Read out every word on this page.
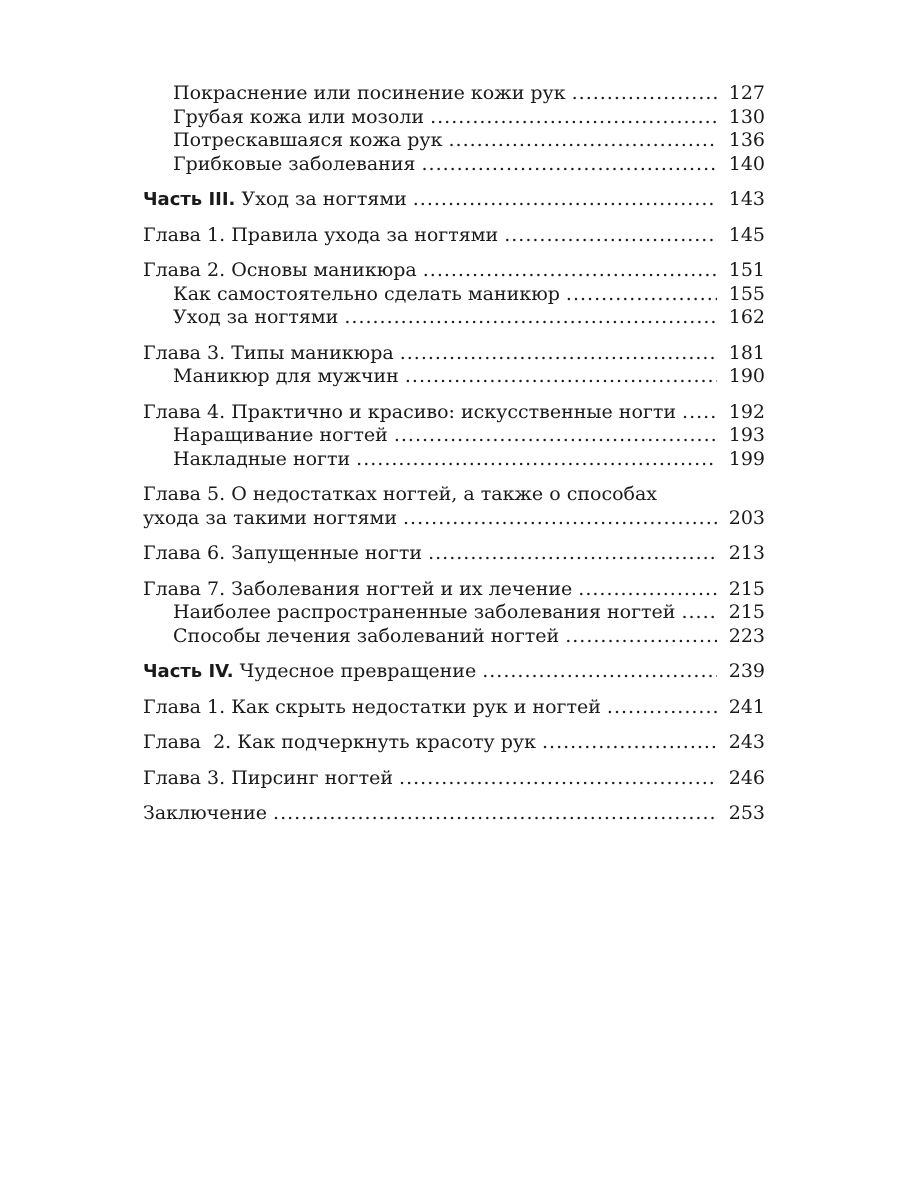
Покраснение или посинение кожи рук .....	127
Грубая кожа или мозоли .....	130
Потрескавшаяся кожа рук .....	136
Грибковые заболевания .....	140
Часть III. Уход за ногтями .....	143
Глава 1. Правила ухода за ногтями .....	145
Глава 2. Основы маникюра .....	151
Как самостоятельно сделать маникюр .....	155
Уход за ногтями .....	162
Глава 3. Типы маникюра .....	181
Маникюр для мужчин .....	190
Глава 4. Практично и красиво: искусственные ногти .....	192
Наращивание ногтей .....	193
Накладные ногти .....	199
Глава 5. О недостатках ногтей, а также о способах
ухода за такими ногтями .....	203
Глава 6. Запущенные ногти .....	213
Глава 7. Заболевания ногтей и их лечение .....	215
Наиболее распространенные заболевания ногтей .....	215
Способы лечения заболеваний ногтей .....	223
Часть IV. Чудесное превращение .....	239
Глава 1. Как скрыть недостатки рук и ногтей .....	241
Глава  2. Как подчеркнуть красоту рук .....	243
Глава 3. Пирсинг ногтей .....	246
Заключение .....	253
